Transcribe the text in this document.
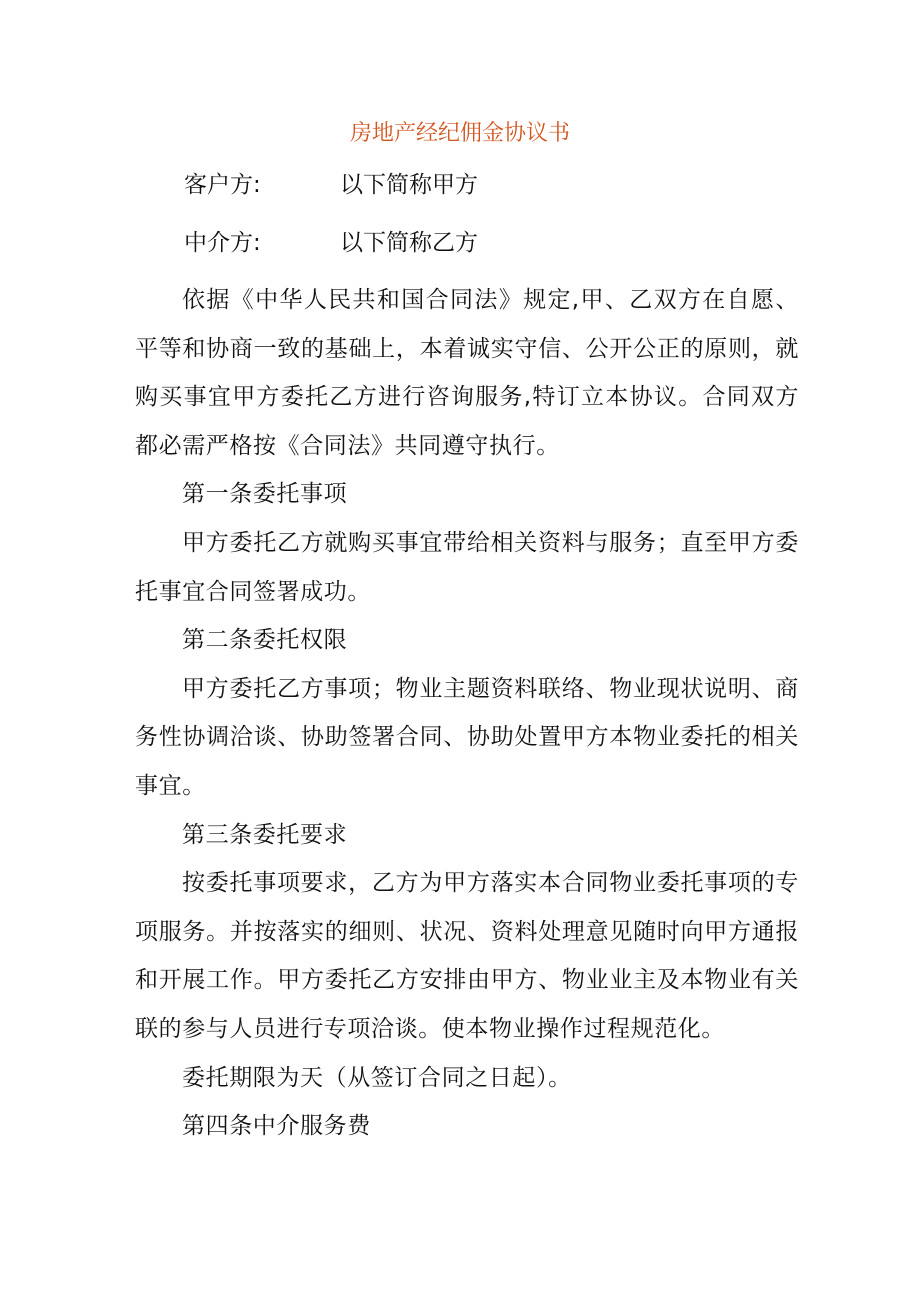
房地产经纪佣金协议书
客户方:	以下简称甲方
中介方:	以下简称乙方

依据《中华人民共和国合同法》规定,甲、乙双方在自愿、平等和协商一致的基础上，本着诚实守信、公开公正的原则，就购买事宜甲方委托乙方进行咨询服务,特订立本协议。合同双方都必需严格按《合同法》共同遵守执行。

第一条委托事项

甲方委托乙方就购买事宜带给相关资料与服务；直至甲方委托事宜合同签署成功。

第二条委托权限

甲方委托乙方事项；物业主题资料联络、物业现状说明、商务性协调洽谈、协助签署合同、协助处置甲方本物业委托的相关事宜。

第三条委托要求

按委托事项要求，乙方为甲方落实本合同物业委托事项的专项服务。并按落实的细则、状况、资料处理意见随时向甲方通报和开展工作。甲方委托乙方安排由甲方、物业业主及本物业有关联的参与人员进行专项洽谈。使本物业操作过程规范化。

委托期限为天（从签订合同之日起）。

第四条中介服务费
